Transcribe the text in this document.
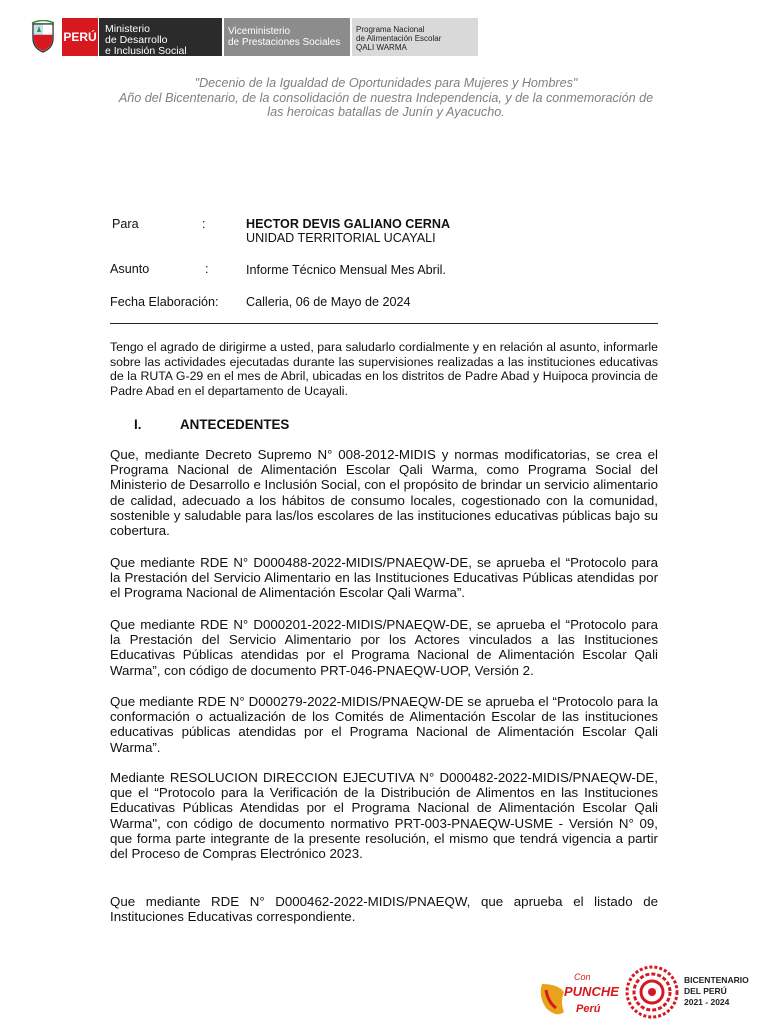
PERÚ
Ministerio
de Desarrollo
e Inclusión Social
Viceministerio
de Prestaciones Sociales
Programa Nacional
de Alimentación Escolar
QALI WARMA
"Decenio de la Igualdad de Oportunidades para Mujeres y Hombres"
Año del Bicentenario, de la consolidación de nuestra Independencia, y de la conmemoración de
las heroicas batallas de Junín y Ayacucho.
Para	:	HECTOR DEVIS GALIANO CERNA
UNIDAD TERRITORIAL UCAYALI
Asunto	:	Informe Técnico Mensual Mes Abril.
Fecha Elaboración: Calleria, 06 de Mayo de 2024
Tengo el agrado de dirigirme a usted, para saludarlo cordialmente y en relación al asunto, informarle sobre las actividades ejecutadas durante las supervisiones realizadas a las instituciones educativas de la RUTA G-29 en el mes de Abril, ubicadas en los distritos de Padre Abad y Huipoca provincia de Padre Abad en el departamento de Ucayali.
I.	ANTECEDENTES
Que, mediante Decreto Supremo N° 008-2012-MIDIS y normas modificatorias, se crea el Programa Nacional de Alimentación Escolar Qali Warma, como Programa Social del Ministerio de Desarrollo e Inclusión Social, con el propósito de brindar un servicio alimentario de calidad, adecuado a los hábitos de consumo locales, cogestionado con la comunidad, sostenible y saludable para las/los escolares de las instituciones educativas públicas bajo su cobertura.
Que mediante RDE N° D000488-2022-MIDIS/PNAEQW-DE, se aprueba el “Protocolo para la Prestación del Servicio Alimentario en las Instituciones Educativas Públicas atendidas por el Programa Nacional de Alimentación Escolar Qali Warma”.
Que mediante RDE N° D000201-2022-MIDIS/PNAEQW-DE, se aprueba el “Protocolo para la Prestación del Servicio Alimentario por los Actores vinculados a las Instituciones Educativas Públicas atendidas por el Programa Nacional de Alimentación Escolar Qali Warma”, con código de documento PRT-046-PNAEQW-UOP, Versión 2.
Que mediante RDE N° D000279-2022-MIDIS/PNAEQW-DE se aprueba el “Protocolo para la conformación o actualización de los Comités de Alimentación Escolar de las instituciones educativas públicas atendidas por el Programa Nacional de Alimentación Escolar Qali Warma”.
Mediante RESOLUCION DIRECCION EJECUTIVA N° D000482-2022-MIDIS/PNAEQW-DE, que el “Protocolo para la Verificación de la Distribución de Alimentos en las Instituciones Educativas Públicas Atendidas por el Programa Nacional de Alimentación Escolar Qali Warma", con código de documento normativo PRT-003-PNAEQW-USME - Versión N° 09, que forma parte integrante de la presente resolución, el mismo que tendrá vigencia a partir del Proceso de Compras Electrónico 2023.
Que mediante RDE N° D000462-2022-MIDIS/PNAEQW, que aprueba el listado de Instituciones Educativas correspondiente.
Con
PUNCHE
Perú
BICENTENARIO
DEL PERÚ
2021 - 2024
